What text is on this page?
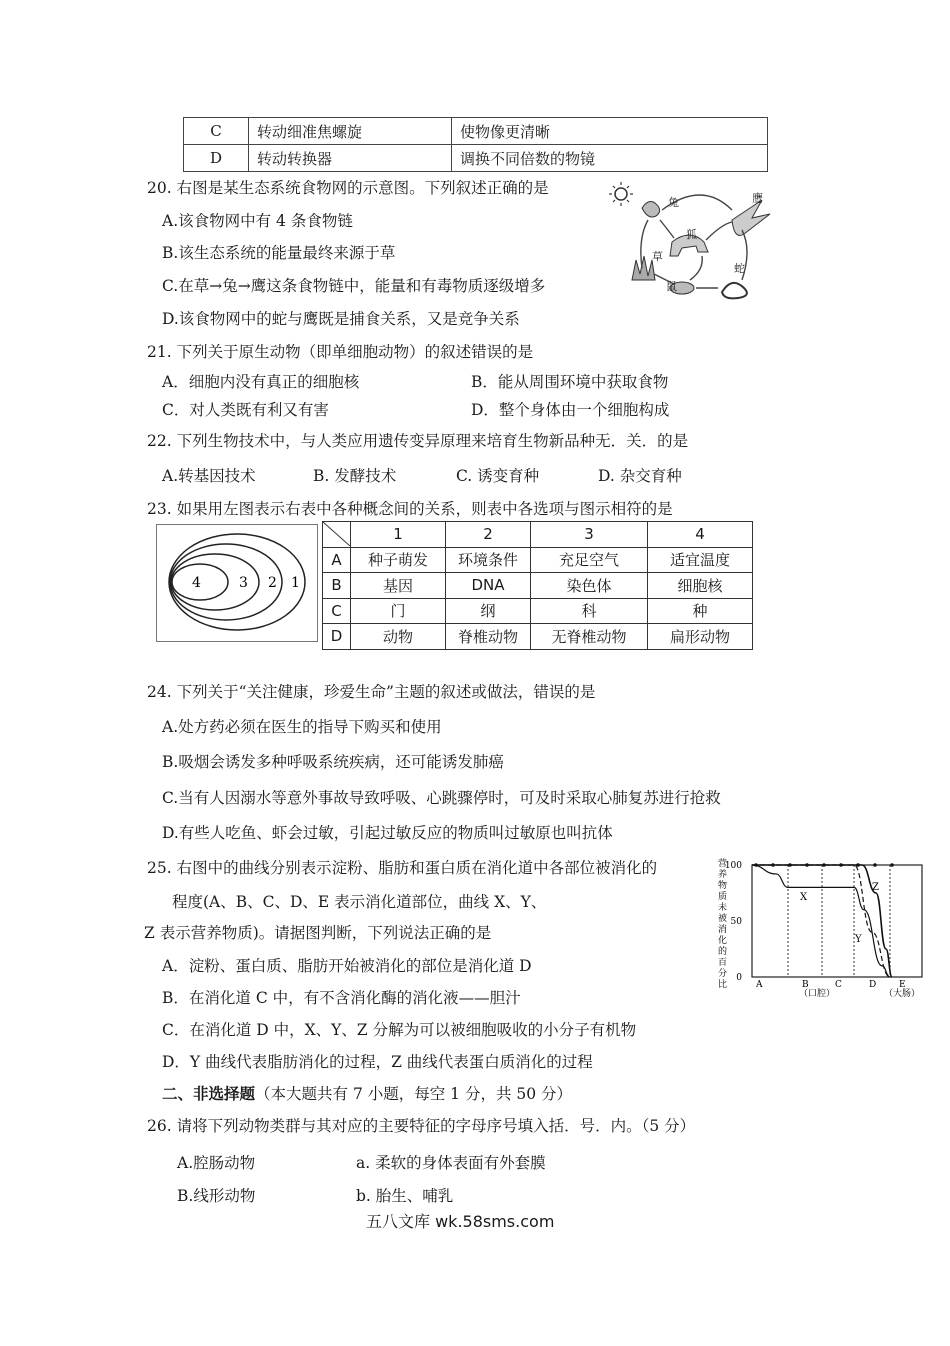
C	转动细准焦螺旋	使物像更清晰
D	转动转换器	调换不同倍数的物镜
20. 右图是某生态系统食物网的示意图。下列叙述正确的是
A.该食物网中有 4 条食物链
B.该生态系统的能量最终来源于草
C.在草→兔→鹰这条食物链中，能量和有毒物质逐级增多
D.该食物网中的蛇与鹰既是捕食关系，又是竞争关系
兔	鹰
狐
草
鼠
蛇
21. 下列关于原生动物（即单细胞动物）的叙述错误的是
A．细胞内没有真正的细胞核	B．能从周围环境中获取食物
C．对人类既有利又有害	D．整个身体由一个细胞构成
22. 下列生物技术中，与人类应用遗传变异原理来培育生物新品种无．关．的是
A.转基因技术	B. 发酵技术	C. 诱变育种	D. 杂交育种
23. 如果用左图表示右表中各种概念间的关系，则表中各选项与图示相符的是
4	3 2 1
	1	2	3	4
A	种子萌发	环境条件	充足空气	适宜温度
B	基因	DNA	染色体	细胞核
C	门	纲	科	种
D	动物	脊椎动物	无脊椎动物	扁形动物
24. 下列关于“关注健康，珍爱生命”主题的叙述或做法，错误的是
A.处方药必须在医生的指导下购买和使用
B.吸烟会诱发多种呼吸系统疾病，还可能诱发肺癌
C.当有人因溺水等意外事故导致呼吸、心跳骤停时，可及时采取心肺复苏进行抢救
D.有些人吃鱼、虾会过敏，引起过敏反应的物质叫过敏原也叫抗体
25. 右图中的曲线分别表示淀粉、脂肪和蛋白质在消化道中各部位被消化的
程度(A、B、C、D、E 表示消化道部位，曲线 X、Y、
Z 表示营养物质)。请据图判断，下列说法正确的是
A．淀粉、蛋白质、脂肪开始被消化的部位是消化道 D
B．在消化道 C 中，有不含消化酶的消化液——胆汁
C．在消化道 D 中，X、Y、Z 分解为可以被细胞吸收的小分子有机物
D．Y 曲线代表脂肪消化的过程，Z 曲线代表蛋白质消化的过程
营
养
物
质
未
被
消
化
的
百
分
比
100
50
0
X
Y
Z
A	B	C	D	E
（口腔）	（大肠）
二、非选择题（本大题共有 7 小题，每空 1 分，共 50 分）
26. 请将下列动物类群与其对应的主要特征的字母序号填入括．号．内。（5 分）
A.腔肠动物	a. 柔软的身体表面有外套膜
B.线形动物	b. 胎生、哺乳
五八文库 wk.58sms.com
